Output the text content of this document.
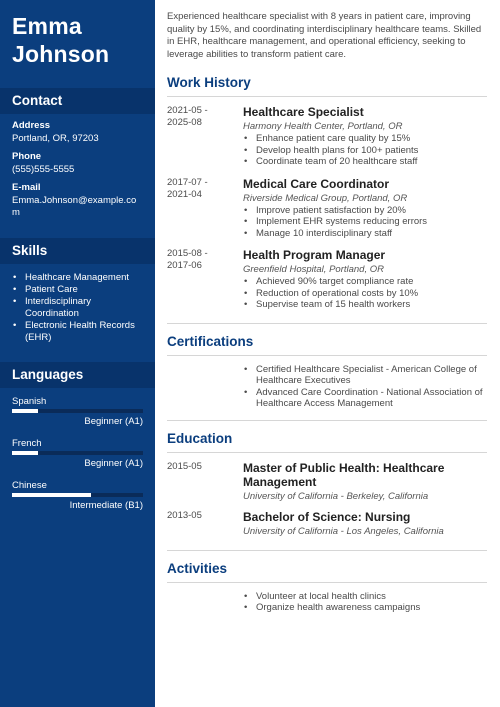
Emma
Johnson
Contact
Address
Portland, OR, 97203
Phone
(555)555-5555
E-mail
Emma.Johnson@example.com
Skills
• Healthcare Management
• Patient Care
• Interdisciplinary Coordination
• Electronic Health Records (EHR)
Languages
Spanish
Beginner (A1)
French
Beginner (A1)
Chinese
Intermediate (B1)

Experienced healthcare specialist with 8 years in patient care, improving quality by 15%, and coordinating interdisciplinary healthcare teams. Skilled in EHR, healthcare management, and operational efficiency, seeking to leverage abilities to transform patient care.

Work History
2021-05 -
2025-08
Healthcare Specialist
Harmony Health Center, Portland, OR
• Enhance patient care quality by 15%
• Develop health plans for 100+ patients
• Coordinate team of 20 healthcare staff
2017-07 -
2021-04
Medical Care Coordinator
Riverside Medical Group, Portland, OR
• Improve patient satisfaction by 20%
• Implement EHR systems reducing errors
• Manage 10 interdisciplinary staff
2015-08 -
2017-06
Health Program Manager
Greenfield Hospital, Portland, OR
• Achieved 90% target compliance rate
• Reduction of operational costs by 10%
• Supervise team of 15 health workers
Certifications
• Certified Healthcare Specialist - American College of Healthcare Executives
• Advanced Care Coordination - National Association of Healthcare Access Management
Education
2015-05	Master of Public Health: Healthcare Management
University of California - Berkeley, California
2013-05	Bachelor of Science: Nursing
University of California - Los Angeles, California
Activities
• Volunteer at local health clinics
• Organize health awareness campaigns
